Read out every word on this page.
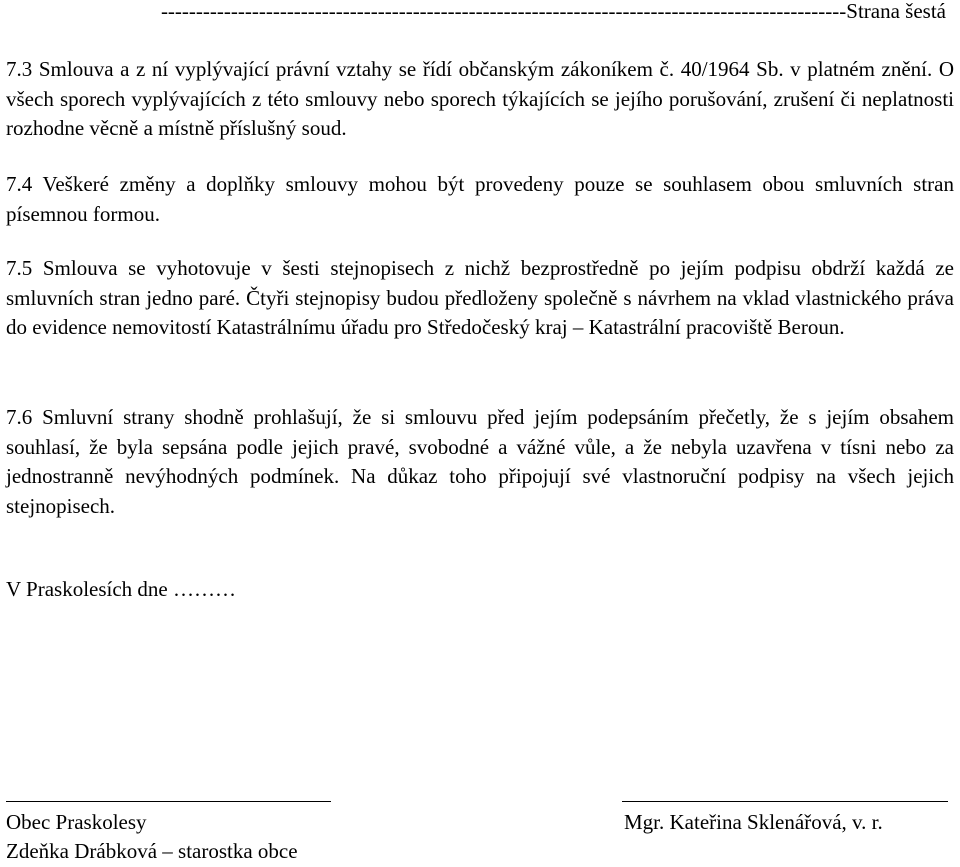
--------------------------------------------------------------------------------------------------Strana šestá
7.3 Smlouva a z ní vyplývající právní vztahy se řídí občanským zákoníkem č. 40/1964 Sb. v platném znění. O všech sporech vyplývajících z této smlouvy nebo sporech týkajících se jejího porušování, zrušení či neplatnosti rozhodne věcně a místně příslušný soud.
7.4 Veškeré změny a doplňky smlouvy mohou být provedeny pouze se souhlasem obou smluvních stran písemnou formou.
7.5 Smlouva se vyhotovuje v šesti stejnopisech z nichž bezprostředně po jejím podpisu obdrží každá ze smluvních stran jedno paré. Čtyři stejnopisy budou předloženy společně s návrhem na vklad vlastnického práva do evidence nemovitostí Katastrálnímu úřadu pro Středočeský kraj – Katastrální pracoviště Beroun.
7.6 Smluvní strany shodně prohlašují, že si smlouvu před jejím podepsáním přečetly, že s jejím obsahem souhlasí, že byla sepsána podle jejich pravé, svobodné a vážné vůle, a že nebyla uzavřena v tísni nebo za jednostranně nevýhodných podmínek. Na důkaz toho připojují své vlastnoruční podpisy na všech jejich stejnopisech.
V Praskolesích dne ………
Obec Praskolesy
Zdeňka Drábková – starostka obce
Mgr. Kateřina Sklenářová, v. r.
